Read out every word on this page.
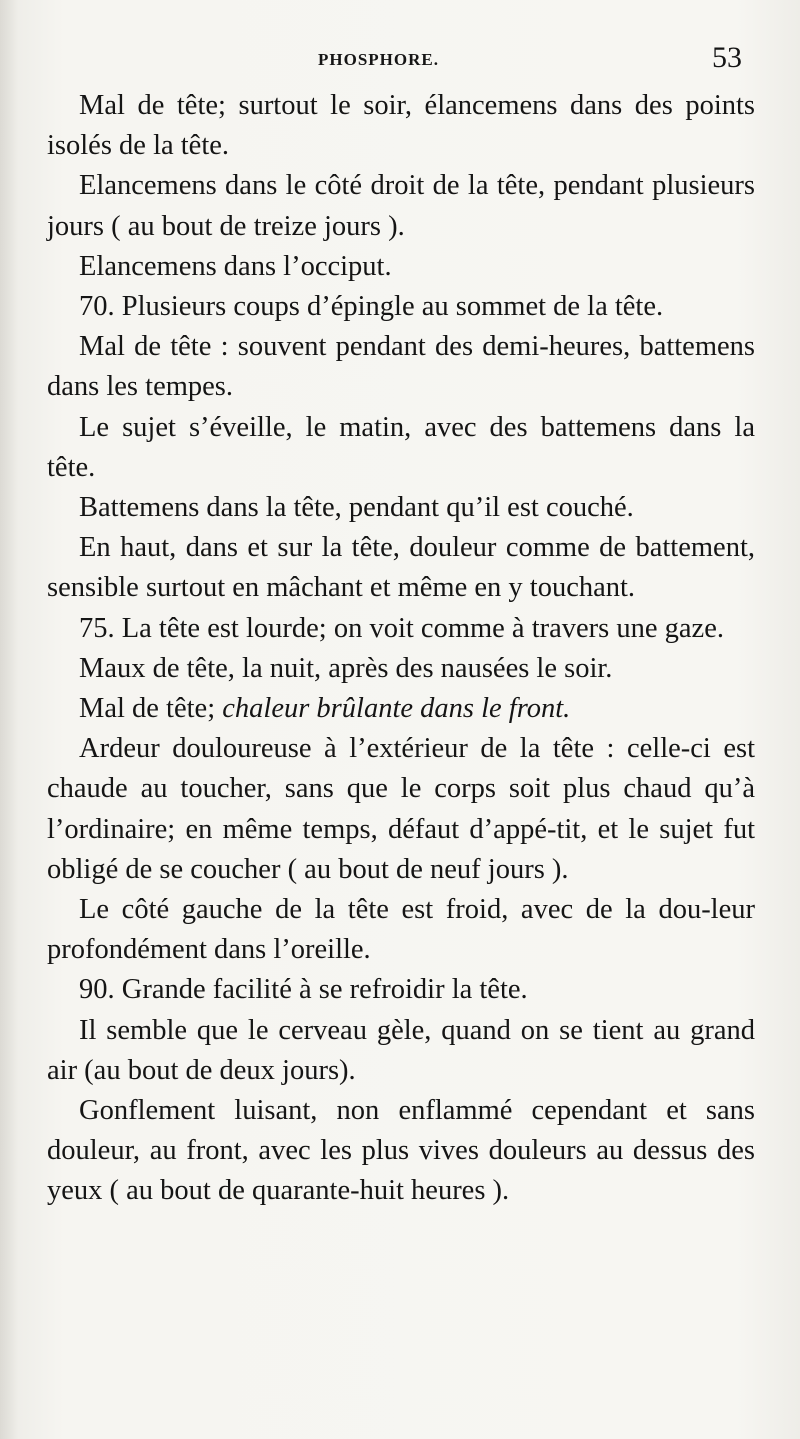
PHOSPHORE.	53

Mal de tête; surtout le soir, élancemens dans des points isolés de la tête.

Elancemens dans le côté droit de la tête, pendant plusieurs jours ( au bout de treize jours ).

Elancemens dans l’occiput.

70. Plusieurs coups d’épingle au sommet de la tête.

Mal de tête : souvent pendant des demi-heures, battemens dans les tempes.

Le sujet s’éveille, le matin, avec des battemens dans la tête.

Battemens dans la tête, pendant qu’il est couché.

En haut, dans et sur la tête, douleur comme de battement, sensible surtout en mâchant et même en y touchant.

75. La tête est lourde; on voit comme à travers une gaze.

Maux de tête, la nuit, après des nausées le soir.

Mal de tête; chaleur brûlante dans le front.

Ardeur douloureuse à l’extérieur de la tête : celle-ci est chaude au toucher, sans que le corps soit plus chaud qu’à l’ordinaire; en même temps, défaut d’appé-tit, et le sujet fut obligé de se coucher ( au bout de neuf jours ).

Le côté gauche de la tête est froid, avec de la dou-leur profondément dans l’oreille.

90. Grande facilité à se refroidir la tête.

Il semble que le cerveau gèle, quand on se tient au grand air (au bout de deux jours).

Gonflement luisant, non enflammé cependant et sans douleur, au front, avec les plus vives douleurs au dessus des yeux ( au bout de quarante-huit heures ).
